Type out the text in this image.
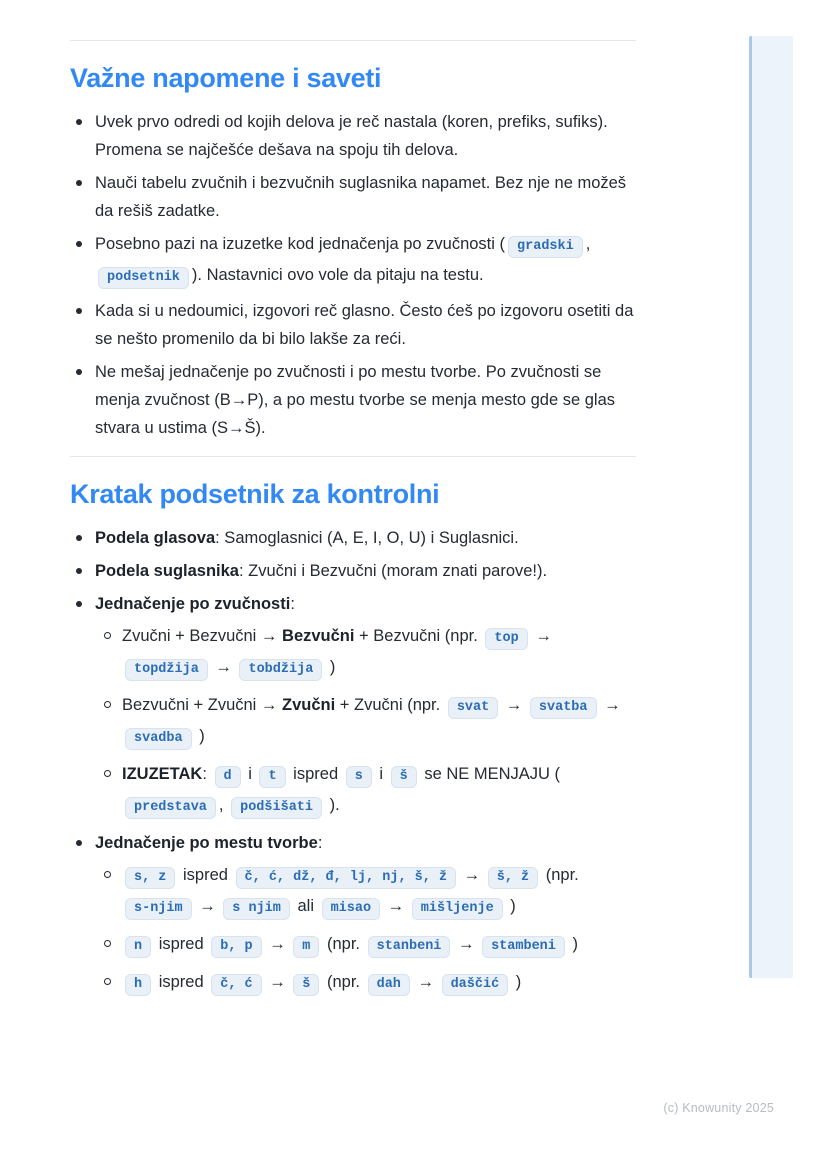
Važne napomene i saveti
Uvek prvo odredi od kojih delova je reč nastala (koren, prefiks, sufiks). Promena se najčešće dešava na spoju tih delova.
Nauči tabelu zvučnih i bezvučnih suglasnika napamet. Bez nje ne možeš da rešiš zadatke.
Posebno pazi na izuzetke kod jednačenja po zvučnosti ( gradski , podsetnik ). Nastavnici ovo vole da pitaju na testu.
Kada si u nedoumici, izgovori reč glasno. Često ćeš po izgovoru osetiti da se nešto promenilo da bi bilo lakše za reći.
Ne mešaj jednačenje po zvučnosti i po mestu tvorbe. Po zvučnosti se menja zvučnost (B→P), a po mestu tvorbe se menja mesto gde se glas stvara u ustima (S→Š).
Kratak podsetnik za kontrolni
Podela glasova: Samoglasnici (A, E, I, O, U) i Suglasnici.
Podela suglasnika: Zvučni i Bezvučni (moram znati parove!).
Jednačenje po zvučnosti:
Zvučni + Bezvučni → Bezvučni + Bezvučni (npr. top → topdžija → tobdžija )
Bezvučni + Zvučni → Zvučni + Zvučni (npr. svat → svatba → svadba )
IZUZETAK: d i t ispred s i š se NE MENJAJU ( predstava , podšišati ).
Jednačenje po mestu tvorbe:
s, z ispred č, ć, dž, đ, lj, nj, š, ž → š, ž (npr. s-njim → s njim ali misao → mišljenje )
n ispred b, p → m (npr. stanbeni → stambeni )
h ispred č, ć → š (npr. dah → daščić )
(c) Knowunity 2025
